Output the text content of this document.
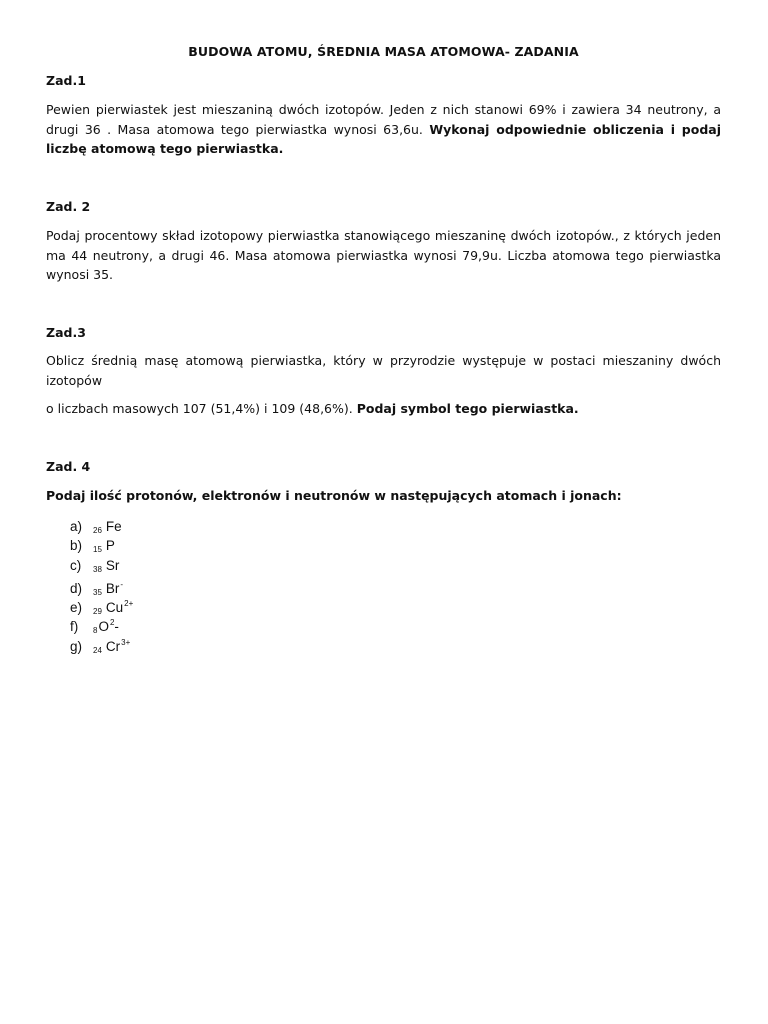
BUDOWA ATOMU, ŚREDNIA MASA ATOMOWA- ZADANIA
Zad.1
Pewien pierwiastek jest mieszaniną dwóch izotopów. Jeden z nich stanowi 69% i zawiera 34 neutrony, a drugi 36 . Masa atomowa tego pierwiastka wynosi 63,6u. Wykonaj odpowiednie obliczenia i podaj liczbę atomową tego pierwiastka.
Zad. 2
Podaj procentowy skład izotopowy pierwiastka stanowiącego mieszaninę dwóch izotopów., z których jeden ma 44 neutrony, a drugi 46. Masa atomowa pierwiastka wynosi 79,9u. Liczba atomowa tego pierwiastka wynosi 35.
Zad.3
Oblicz średnią masę atomową pierwiastka, który w przyrodzie występuje w postaci mieszaniny dwóch izotopów
o liczbach masowych 107 (51,4%) i 109 (48,6%). Podaj symbol tego pierwiastka.
Zad. 4
Podaj ilość protonów, elektronów i neutronów w następujących atomach i jonach:
a) 26 Fe
b) 15 P
c) 38 Sr
d) 35 Br-
e) 29 $Cu^{2+}$
f) $8O^2-$
g) 24 $Cr^{3+}$
